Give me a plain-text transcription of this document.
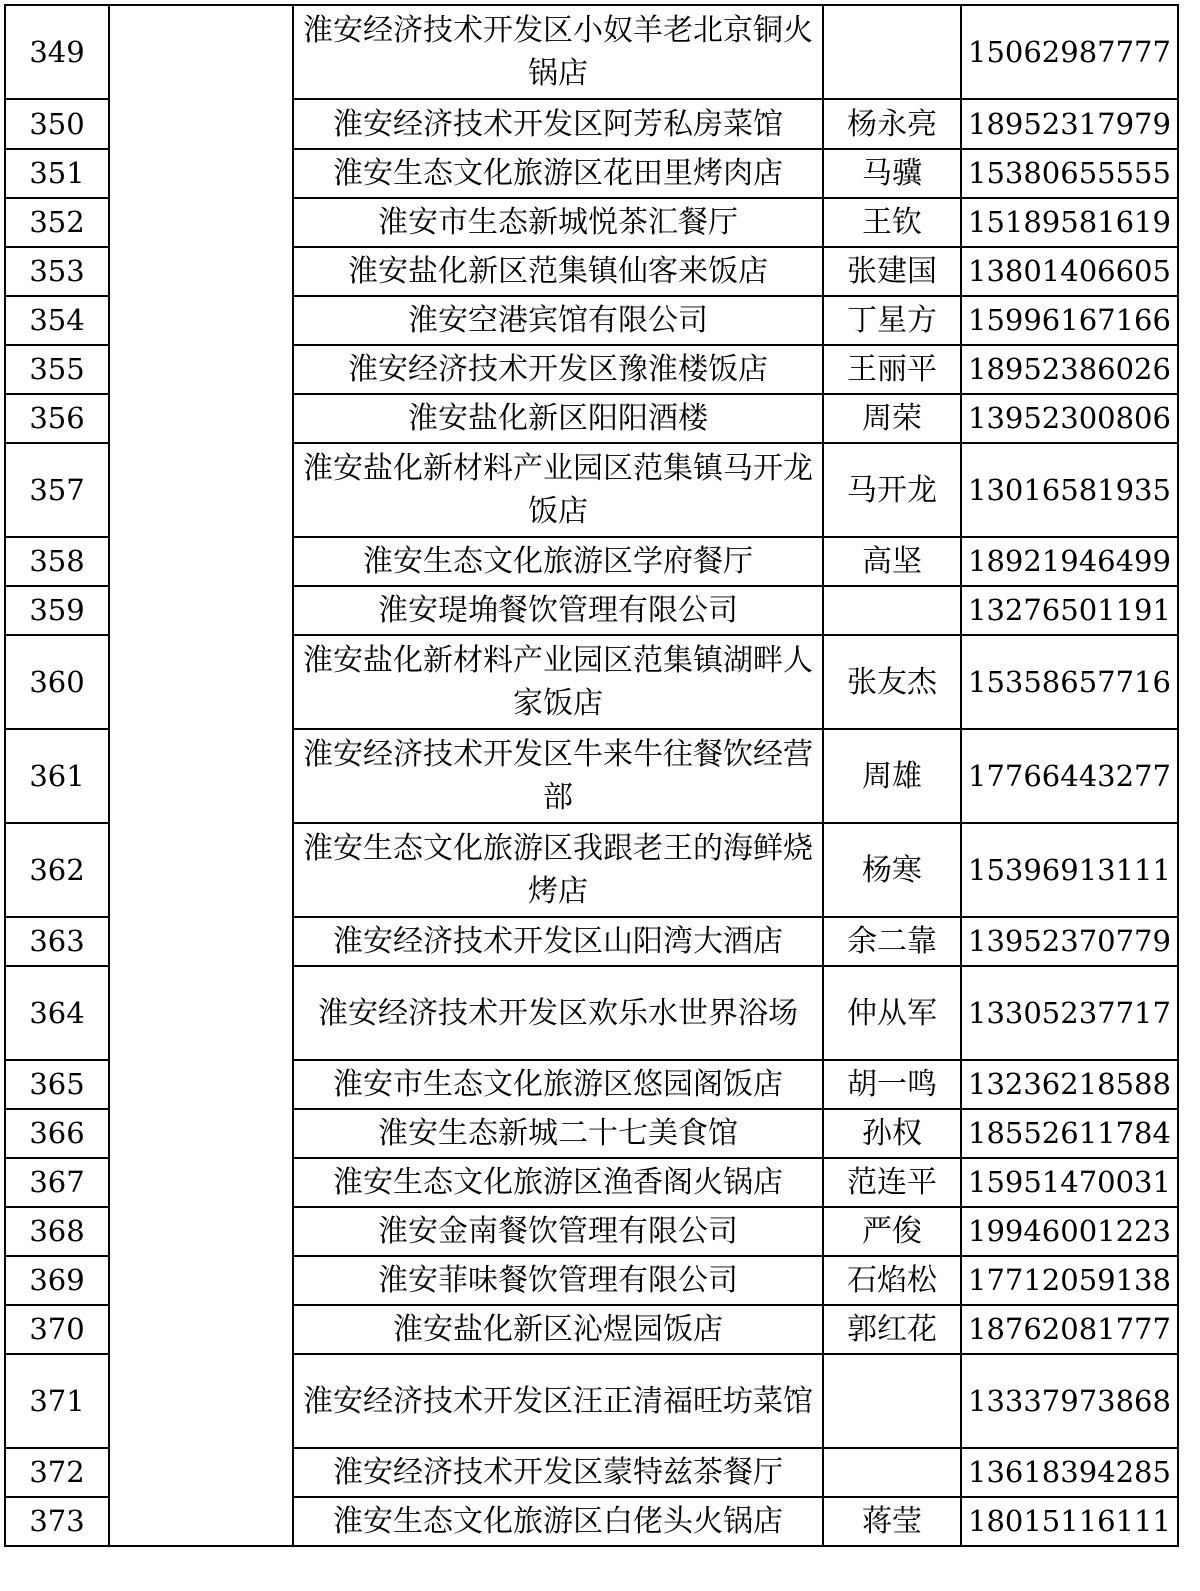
349		淮安经济技术开发区小奴羊老北京铜火锅店		15062987777
350		淮安经济技术开发区阿芳私房菜馆	杨永亮	18952317979
351		淮安生态文化旅游区花田里烤肉店	马骥	15380655555
352		淮安市生态新城悦茶汇餐厅	王钦	15189581619
353		淮安盐化新区范集镇仙客来饭店	张建国	13801406605
354		淮安空港宾馆有限公司	丁星方	15996167166
355		淮安经济技术开发区豫淮楼饭店	王丽平	18952386026
356		淮安盐化新区阳阳酒楼	周荣	13952300806
357		淮安盐化新材料产业园区范集镇马开龙饭店	马开龙	13016581935
358		淮安生态文化旅游区学府餐厅	高坚	18921946499
359		淮安瑅埆餐饮管理有限公司		13276501191
360		淮安盐化新材料产业园区范集镇湖畔人家饭店	张友杰	15358657716
361		淮安经济技术开发区牛来牛往餐饮经营部	周雄	17766443277
362		淮安生态文化旅游区我跟老王的海鲜烧烤店	杨寒	15396913111
363		淮安经济技术开发区山阳湾大酒店	余二靠	13952370779
364		淮安经济技术开发区欢乐水世界浴场	仲从军	13305237717
365		淮安市生态文化旅游区悠园阁饭店	胡一鸣	13236218588
366		淮安生态新城二十七美食馆	孙权	18552611784
367		淮安生态文化旅游区渔香阁火锅店	范连平	15951470031
368		淮安金南餐饮管理有限公司	严俊	19946001223
369		淮安菲味餐饮管理有限公司	石焰松	17712059138
370		淮安盐化新区沁煜园饭店	郭红花	18762081777
371		淮安经济技术开发区汪正清福旺坊菜馆		13337973868
372		淮安经济技术开发区蒙特兹茶餐厅		13618394285
373		淮安生态文化旅游区白佬头火锅店	蒋莹	18015116111
